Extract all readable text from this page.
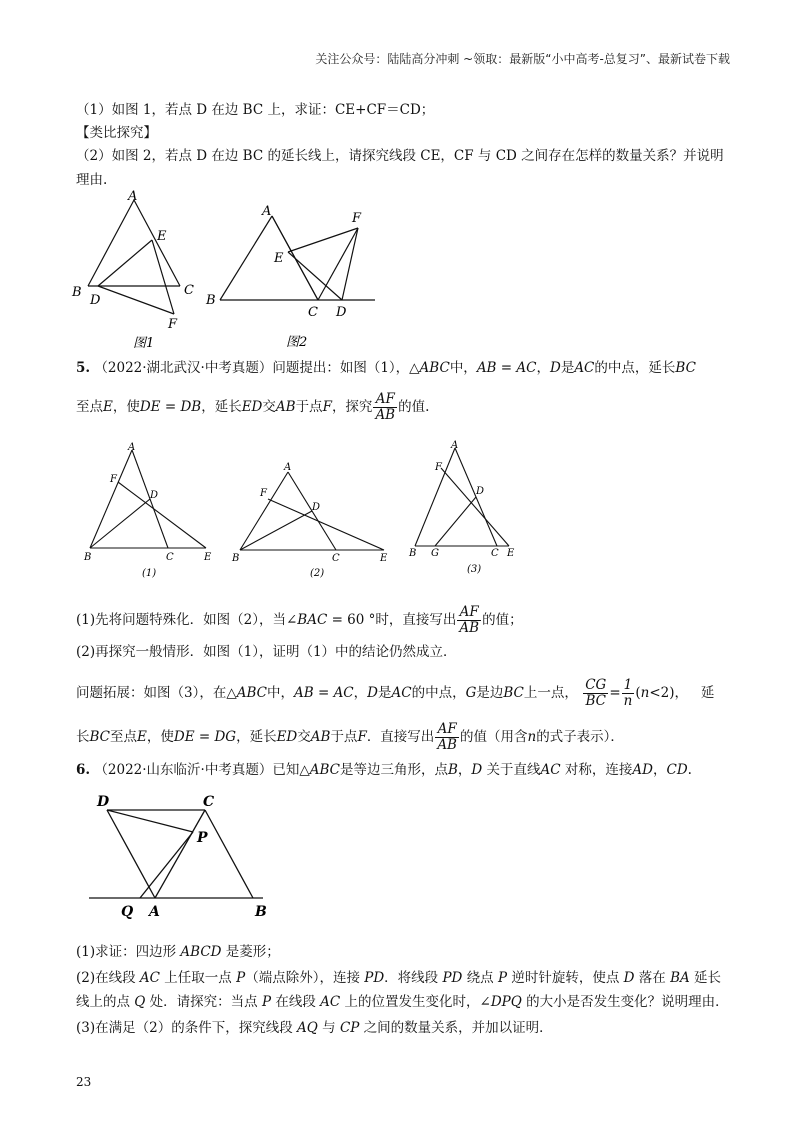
关注公众号：陆陆高分冲刺 ~领取：最新版“小中高考-总复习”、最新试卷下载
（1）如图 1，若点 D 在边 BC 上，求证：CE+CF＝CD；
【类比探究】
（2）如图 2，若点 D 在边 BC 的延长线上，请探究线段 CE，CF 与 CD 之间存在怎样的数量关系？并说明
理由.
A
E
B
D
C
F
图1
A	F
E
B
C D
图2
5. （2022·湖北武汉·中考真题）问题提出：如图（1），△ABC中，AB = AC，D是AC的中点，延长BC
至点E，使DE = DB，延长ED交AB于点F，探究 $\frac{AF}{AB}$ 的值.
A
F
D
B	C	E
(1)
A
F
D
B	C	E
(2)
A
F
D
B G	C E
(3)
(1)先将问题特殊化．如图（2），当∠BAC = 60 °时，直接写出 $\frac{AF}{AB}$ 的值；
(2)再探究一般情形．如图（1），证明（1）中的结论仍然成立．
问题拓展：如图（3），在△ABC中，AB = AC，D是AC的中点，G是边BC上一点， $\frac{CG}{BC} = \frac{1}{n} (n<2)$， 延
长BC至点E，使DE = DG，延长ED交AB于点F．直接写出 $\frac{AF}{AB}$ 的值（用含n的式子表示）．
6. （2022·山东临沂·中考真题）已知△ABC是等边三角形，点B，D 关于直线AC 对称，连接AD，CD.
D	C
P
Q A	B
(1)求证：四边形 ABCD 是菱形；
(2)在线段 AC 上任取一点 P（端点除外），连接 PD．将线段 PD 绕点 P 逆时针旋转，使点 D 落在 BA 延长
线上的点 Q 处．请探究：当点 P 在线段 AC 上的位置发生变化时，∠DPQ 的大小是否发生变化？说明理由．
(3)在满足（2）的条件下，探究线段 AQ 与 CP 之间的数量关系，并加以证明．
23
